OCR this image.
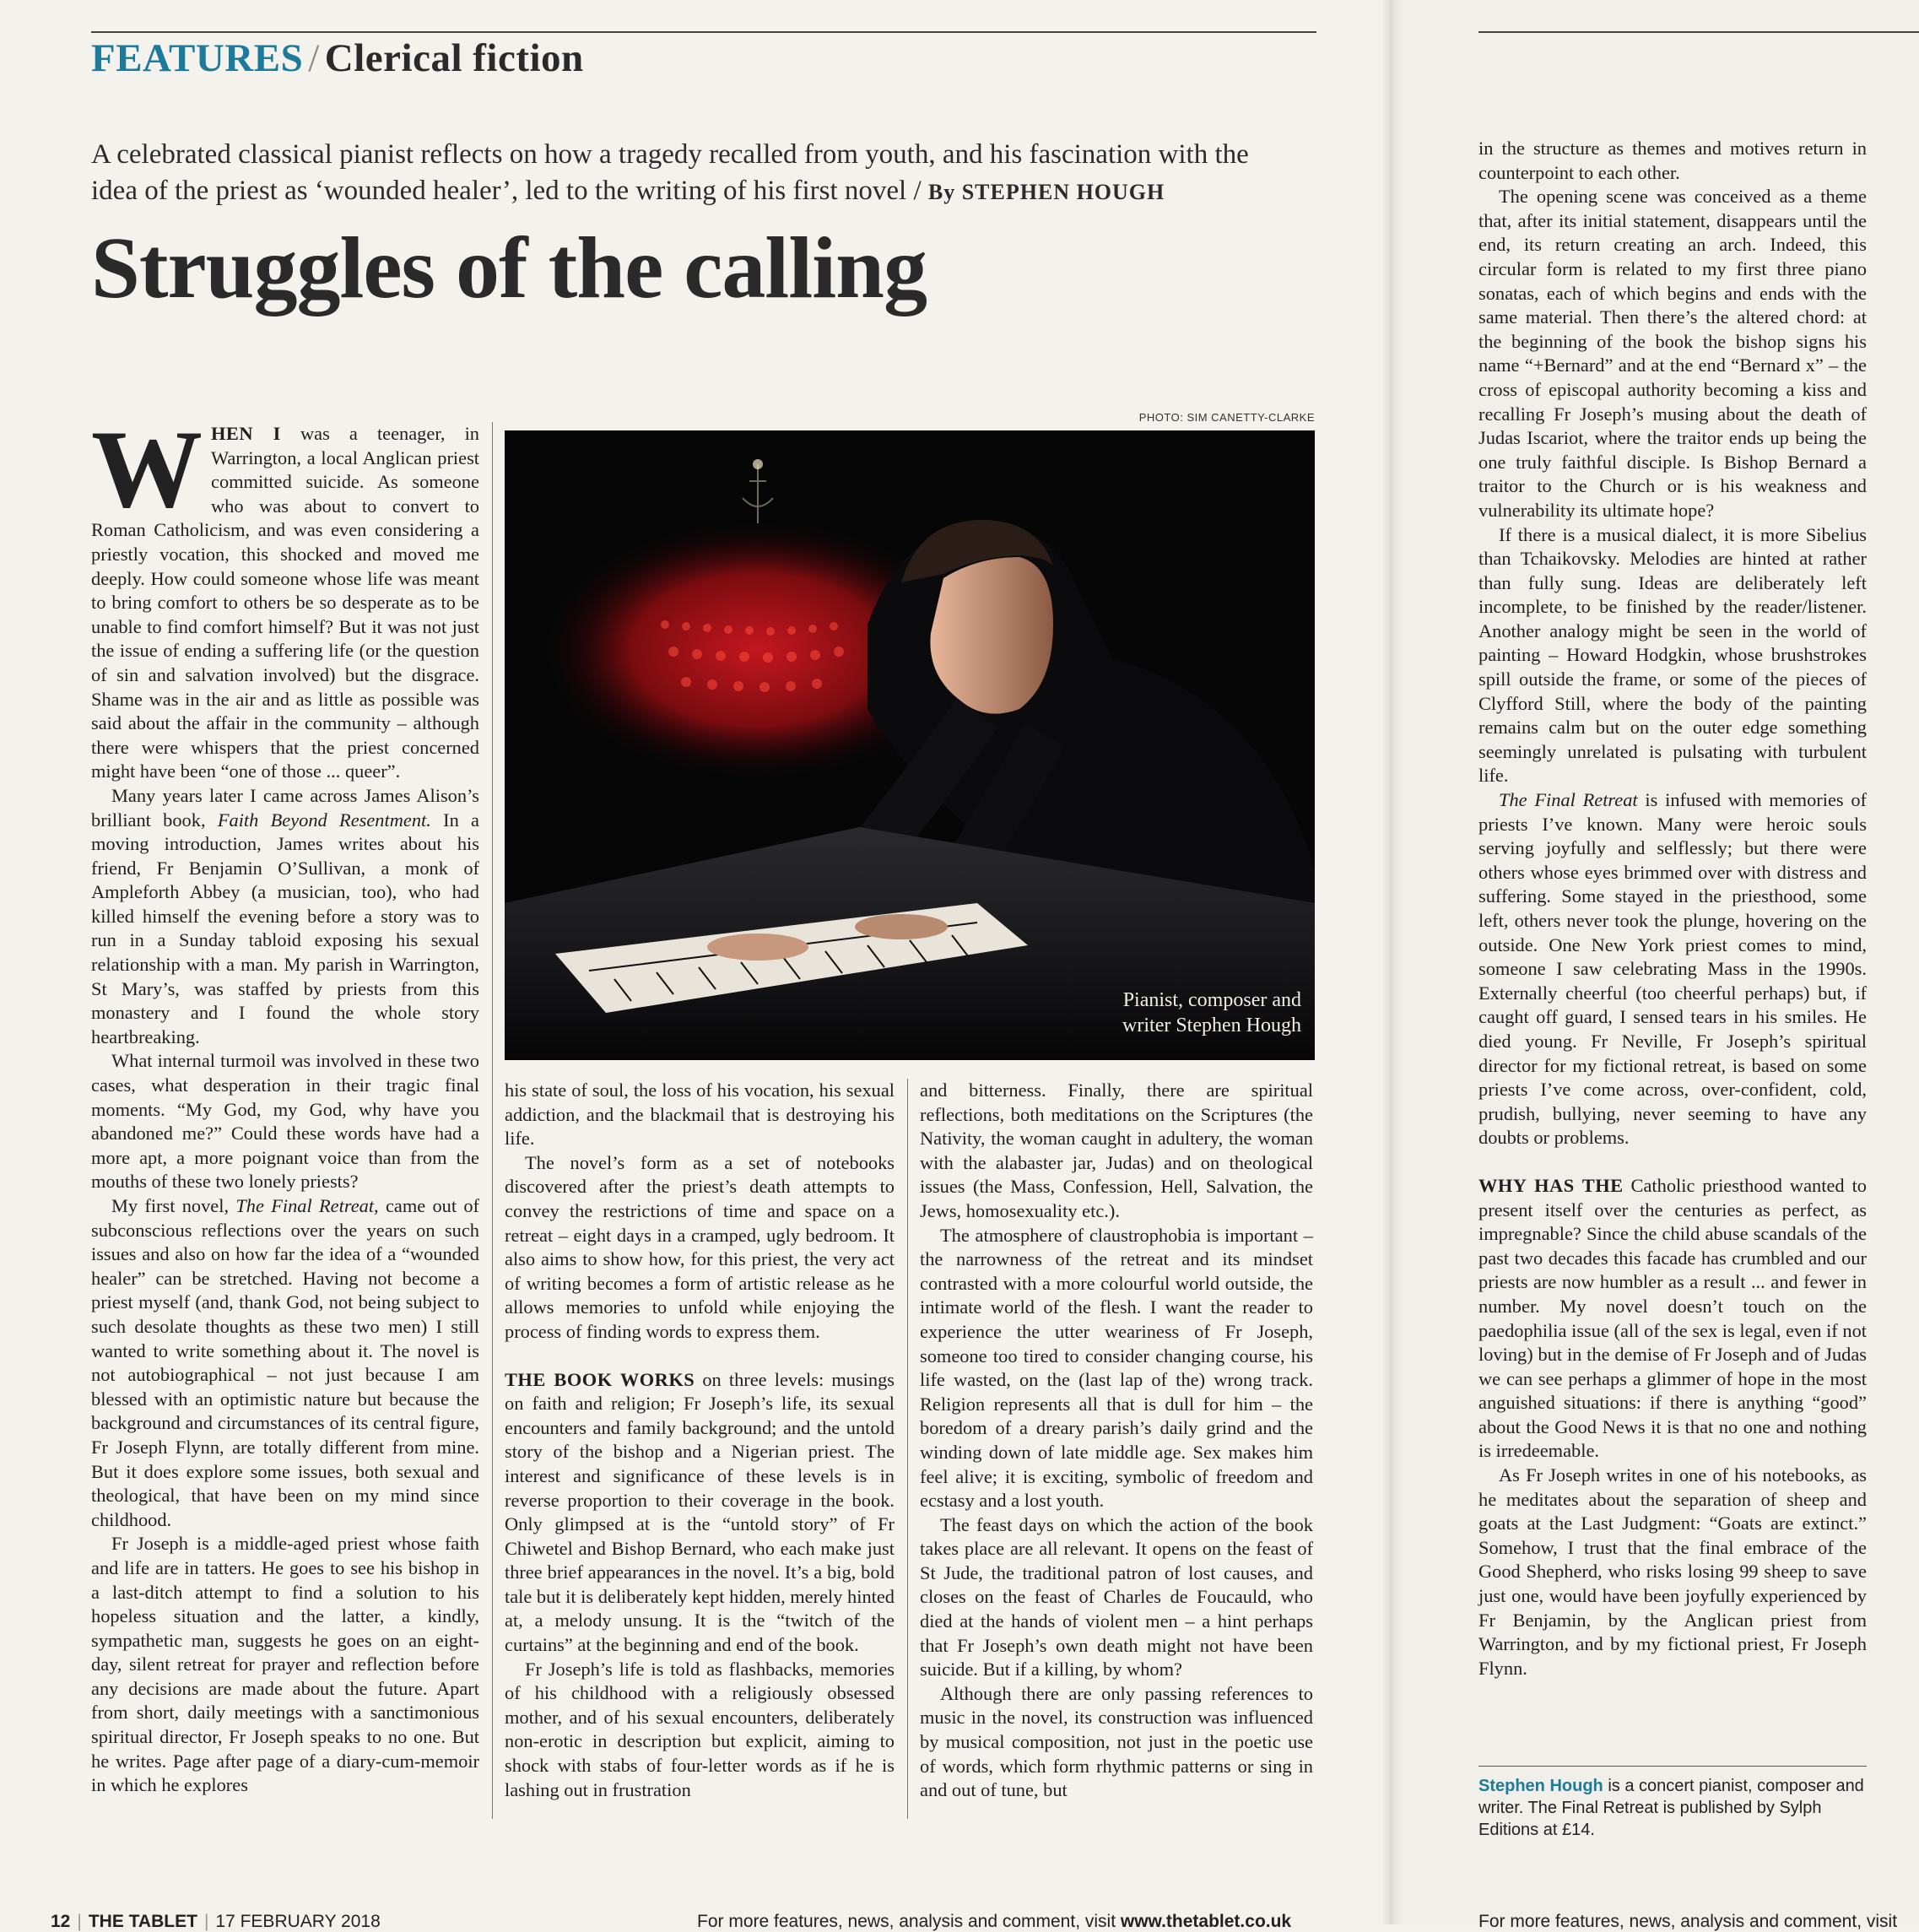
FEATURES / Clerical fiction
A celebrated classical pianist reflects on how a tragedy recalled from youth, and his fascination with the idea of the priest as ‘wounded healer’, led to the writing of his first novel / By STEPHEN HOUGH
Struggles of the calling
PHOTO: SIM CANETTY-CLARKE
Pianist, composer and
writer Stephen Hough

WHEN I was a teenager, in Warrington, a local Anglican priest committed suicide. As someone who was about to convert to Roman Catholicism, and was even considering a priestly vocation, this shocked and moved me deeply. How could someone whose life was meant to bring comfort to others be so desperate as to be unable to find comfort himself? But it was not just the issue of ending a suffering life (or the question of sin and salvation involved) but the disgrace. Shame was in the air and as little as possible was said about the affair in the community – although there were whispers that the priest concerned might have been “one of those ... queer”.

Many years later I came across James Alison’s brilliant book, Faith Beyond Resentment. In a moving introduction, James writes about his friend, Fr Benjamin O’Sullivan, a monk of Ampleforth Abbey (a musician, too), who had killed himself the evening before a story was to run in a Sunday tabloid exposing his sexual relationship with a man. My parish in Warrington, St Mary’s, was staffed by priests from this monastery and I found the whole story heartbreaking.

What internal turmoil was involved in these two cases, what desperation in their tragic final moments. “My God, my God, why have you abandoned me?” Could these words have had a more apt, a more poignant voice than from the mouths of these two lonely priests?

My first novel, The Final Retreat, came out of subconscious reflections over the years on such issues and also on how far the idea of a “wounded healer” can be stretched. Having not become a priest myself (and, thank God, not being subject to such desolate thoughts as these two men) I still wanted to write something about it. The novel is not autobiographical – not just because I am blessed with an optimistic nature but because the background and circumstances of its central figure, Fr Joseph Flynn, are totally different from mine. But it does explore some issues, both sexual and theological, that have been on my mind since childhood.

Fr Joseph is a middle-aged priest whose faith and life are in tatters. He goes to see his bishop in a last-ditch attempt to find a solution to his hopeless situation and the latter, a kindly, sympathetic man, suggests he goes on an eight-day, silent retreat for prayer and reflection before any decisions are made about the future. Apart from short, daily meetings with a sanctimonious spiritual director, Fr Joseph speaks to no one. But he writes. Page after page of a diary-cum-memoir in which he explores

his state of soul, the loss of his vocation, his sexual addiction, and the blackmail that is destroying his life.

The novel’s form as a set of notebooks discovered after the priest’s death attempts to convey the restrictions of time and space on a retreat – eight days in a cramped, ugly bedroom. It also aims to show how, for this priest, the very act of writing becomes a form of artistic release as he allows memories to unfold while enjoying the process of finding words to express them.

THE BOOK WORKS on three levels: musings on faith and religion; Fr Joseph’s life, its sexual encounters and family background; and the untold story of the bishop and a Nigerian priest. The interest and significance of these levels is in reverse proportion to their coverage in the book. Only glimpsed at is the “untold story” of Fr Chiwetel and Bishop Bernard, who each make just three brief appearances in the novel. It’s a big, bold tale but it is deliberately kept hidden, merely hinted at, a melody unsung. It is the “twitch of the curtains” at the beginning and end of the book.

Fr Joseph’s life is told as flashbacks, memories of his childhood with a religiously obsessed mother, and of his sexual encounters, deliberately non-erotic in description but explicit, aiming to shock with stabs of four-letter words as if he is lashing out in frustration

and bitterness. Finally, there are spiritual reflections, both meditations on the Scriptures (the Nativity, the woman caught in adultery, the woman with the alabaster jar, Judas) and on theological issues (the Mass, Confession, Hell, Salvation, the Jews, homosexuality etc.).

The atmosphere of claustrophobia is important – the narrowness of the retreat and its mindset contrasted with a more colourful world outside, the intimate world of the flesh. I want the reader to experience the utter weariness of Fr Joseph, someone too tired to consider changing course, his life wasted, on the (last lap of the) wrong track. Religion represents all that is dull for him – the boredom of a dreary parish’s daily grind and the winding down of late middle age. Sex makes him feel alive; it is exciting, symbolic of freedom and ecstasy and a lost youth.

The feast days on which the action of the book takes place are all relevant. It opens on the feast of St Jude, the traditional patron of lost causes, and closes on the feast of Charles de Foucauld, who died at the hands of violent men – a hint perhaps that Fr Joseph’s own death might not have been suicide. But if a killing, by whom?

Although there are only passing references to music in the novel, its construction was influenced by musical composition, not just in the poetic use of words, which form rhythmic patterns or sing in and out of tune, but

in the structure as themes and motives return in counterpoint to each other.

The opening scene was conceived as a theme that, after its initial statement, disappears until the end, its return creating an arch. Indeed, this circular form is related to my first three piano sonatas, each of which begins and ends with the same material. Then there’s the altered chord: at the beginning of the book the bishop signs his name “+Bernard” and at the end “Bernard x” – the cross of episcopal authority becoming a kiss and recalling Fr Joseph’s musing about the death of Judas Iscariot, where the traitor ends up being the one truly faithful disciple. Is Bishop Bernard a traitor to the Church or is his weakness and vulnerability its ultimate hope?

If there is a musical dialect, it is more Sibelius than Tchaikovsky. Melodies are hinted at rather than fully sung. Ideas are deliberately left incomplete, to be finished by the reader/listener. Another analogy might be seen in the world of painting – Howard Hodgkin, whose brushstrokes spill outside the frame, or some of the pieces of Clyfford Still, where the body of the painting remains calm but on the outer edge something seemingly unrelated is pulsating with turbulent life.

The Final Retreat is infused with memories of priests I’ve known. Many were heroic souls serving joyfully and selflessly; but there were others whose eyes brimmed over with distress and suffering. Some stayed in the priesthood, some left, others never took the plunge, hovering on the outside. One New York priest comes to mind, someone I saw celebrating Mass in the 1990s. Externally cheerful (too cheerful perhaps) but, if caught off guard, I sensed tears in his smiles. He died young. Fr Neville, Fr Joseph’s spiritual director for my fictional retreat, is based on some priests I’ve come across, over-confident, cold, prudish, bullying, never seeming to have any doubts or problems.

WHY HAS THE Catholic priesthood wanted to present itself over the centuries as perfect, as impregnable? Since the child abuse scandals of the past two decades this facade has crumbled and our priests are now humbler as a result ... and fewer in number. My novel doesn’t touch on the paedophilia issue (all of the sex is legal, even if not loving) but in the demise of Fr Joseph and of Judas we can see perhaps a glimmer of hope in the most anguished situations: if there is anything “good” about the Good News it is that no one and nothing is irredeemable.

As Fr Joseph writes in one of his notebooks, as he meditates about the separation of sheep and goats at the Last Judgment: “Goats are extinct.” Somehow, I trust that the final embrace of the Good Shepherd, who risks losing 99 sheep to save just one, would have been joyfully experienced by Fr Benjamin, by the Anglican priest from Warrington, and by my fictional priest, Fr Joseph Flynn.

Stephen Hough is a concert pianist, composer and writer. The Final Retreat is published by Sylph Editions at £14.
12 | THE TABLET | 17 FEBRUARY 2018	For more features, news, analysis and comment, visit www.thetablet.co.uk	For more features, news, analysis and comment, visit
